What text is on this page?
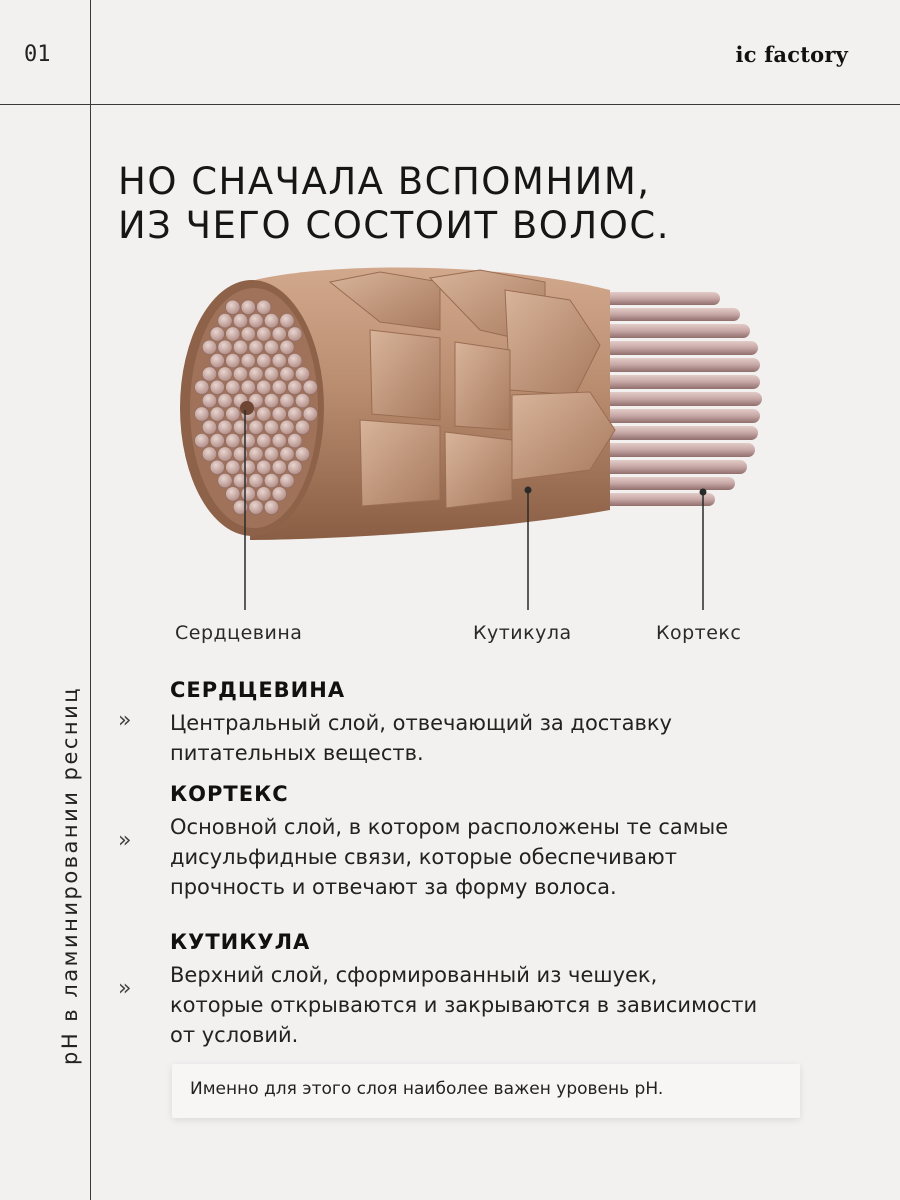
01	ic factory
pH в ламинировании ресниц
НО СНАЧАЛА ВСПОМНИМ,
ИЗ ЧЕГО СОСТОИТ ВОЛОС.
Сердцевина	Кутикула	Кортекс
»
СЕРДЦЕВИНА
Центральный слой, отвечающий за доставку
питательных веществ.
»
КОРТЕКС
Основной слой, в котором расположены те самые
дисульфидные связи, которые обеспечивают
прочность и отвечают за форму волоса.
»
КУТИКУЛА
Верхний слой, сформированный из чешуек,
которые открываются и закрываются в зависимости
от условий.
Именно для этого слоя наиболее важен уровень pH.
